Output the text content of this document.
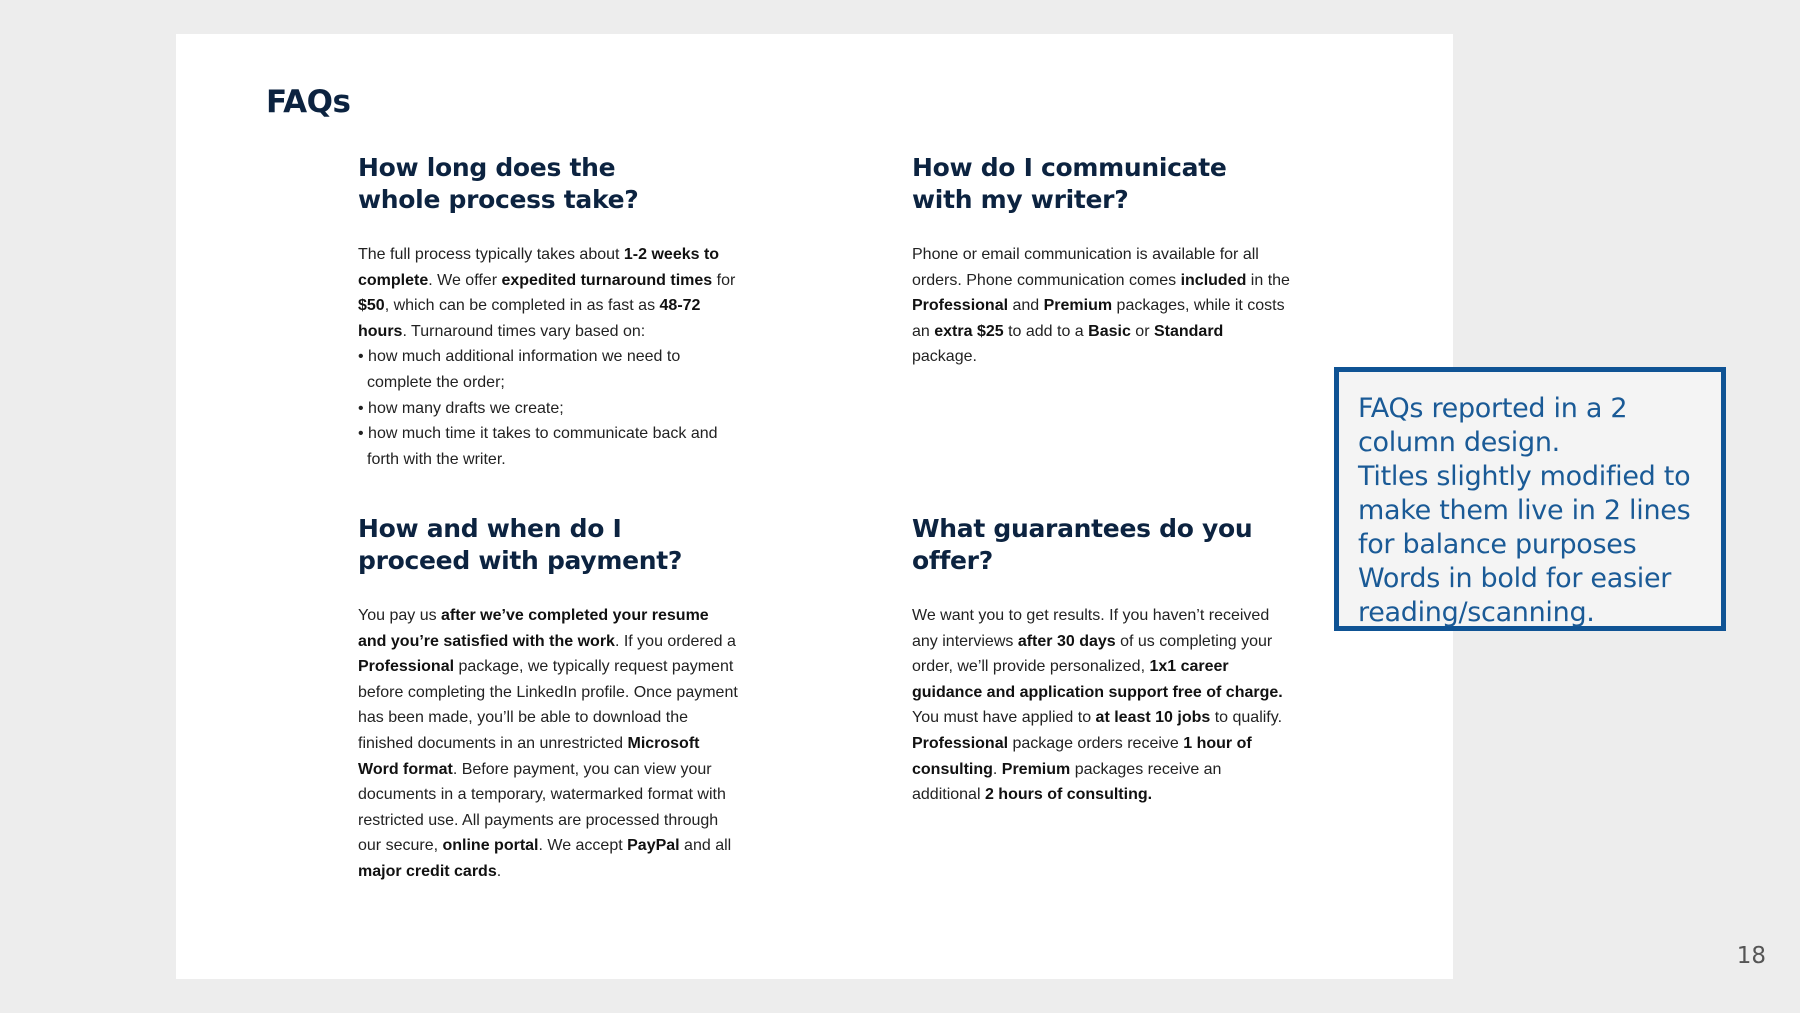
FAQs
How long does the
whole process take?

The full process typically takes about 1-2 weeks to complete. We offer expedited turnaround times for $50, which can be completed in as fast as 48-72 hours. Turnaround times vary based on:

• how much additional information we need to complete the order;
• how many drafts we create;
• how much time it takes to communicate back and forth with the writer.
How do I communicate
with my writer?

Phone or email communication is available for all orders. Phone communication comes included in the Professional and Premium packages, while it costs an extra $25 to add to a Basic or Standard package.

How and when do I
proceed with payment?

You pay us after we’ve completed your resume and you’re satisfied with the work. If you ordered a Professional package, we typically request payment before completing the LinkedIn profile. Once payment has been made, you’ll be able to download the finished documents in an unrestricted Microsoft Word format. Before payment, you can view your documents in a temporary, watermarked format with restricted use. All payments are processed through our secure, online portal. We accept PayPal and all major credit cards.

What guarantees do you
offer?

We want you to get results. If you haven’t received any interviews after 30 days of us completing your order, we’ll provide personalized, 1x1 career guidance and application support free of charge. You must have applied to at least 10 jobs to qualify.

Professional package orders receive 1 hour of consulting. Premium packages receive an additional 2 hours of consulting.

FAQs reported in a 2 column design.
Titles slightly modified to make them live in 2 lines for balance purposes
Words in bold for easier reading/scanning.
18
